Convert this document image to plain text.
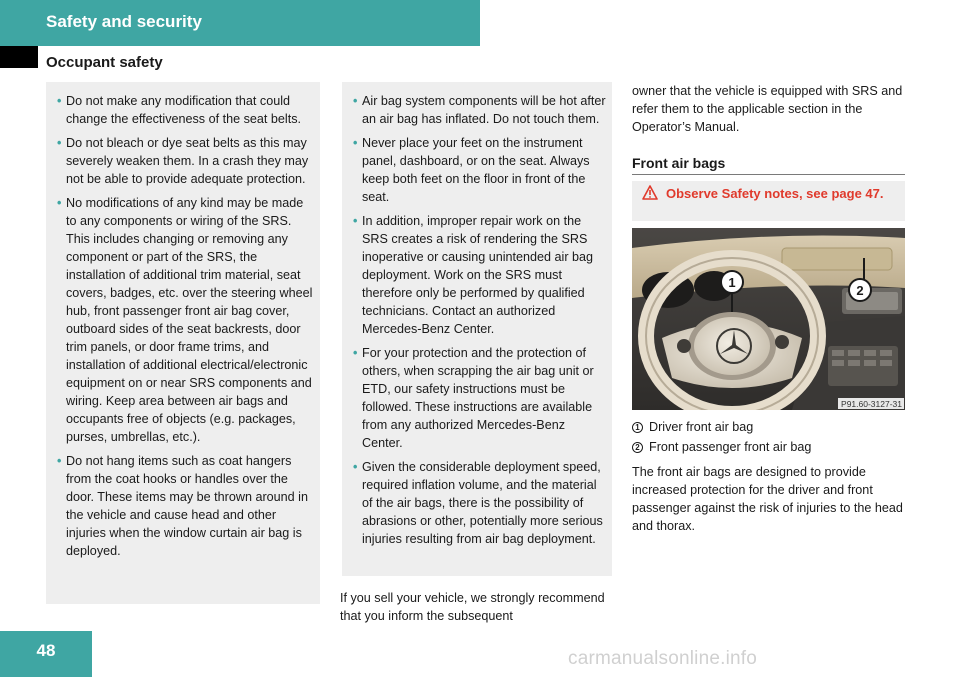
Safety and security
Occupant safety
• Do not make any modification that could change the effectiveness of the seat belts.
• Do not bleach or dye seat belts as this may severely weaken them. In a crash they may not be able to provide adequate protection.
• No modifications of any kind may be made to any components or wiring of the SRS. This includes changing or removing any component or part of the SRS, the installation of additional trim material, seat covers, badges, etc. over the steering wheel hub, front passenger front air bag cover, outboard sides of the seat backrests, door trim panels, or door frame trims, and installation of additional electrical/electronic equipment on or near SRS components and wiring. Keep area between air bags and occupants free of objects (e.g. packages, purses, umbrellas, etc.).
• Do not hang items such as coat hangers from the coat hooks or handles over the door. These items may be thrown around in the vehicle and cause head and other injuries when the window curtain air bag is deployed.
• Air bag system components will be hot after an air bag has inflated. Do not touch them.
• Never place your feet on the instrument panel, dashboard, or on the seat. Always keep both feet on the floor in front of the seat.
• In addition, improper repair work on the SRS creates a risk of rendering the SRS inoperative or causing unintended air bag deployment. Work on the SRS must therefore only be performed by qualified technicians. Contact an authorized Mercedes-Benz Center.
• For your protection and the protection of others, when scrapping the air bag unit or ETD, our safety instructions must be followed. These instructions are available from any authorized Mercedes-Benz Center.
• Given the considerable deployment speed, required inflation volume, and the material of the air bags, there is the possibility of abrasions or other, potentially more serious injuries resulting from air bag deployment.
If you sell your vehicle, we strongly recommend that you inform the subsequent
owner that the vehicle is equipped with SRS and refer them to the applicable section in the Operator’s Manual.
Front air bags
Observe Safety notes, see page 47.
1
2
P91.60-3127-31
1 Driver front air bag
2 Front passenger front air bag
The front air bags are designed to provide increased protection for the driver and front passenger against the risk of injuries to the head and thorax.
48	carmanualsonline.info
